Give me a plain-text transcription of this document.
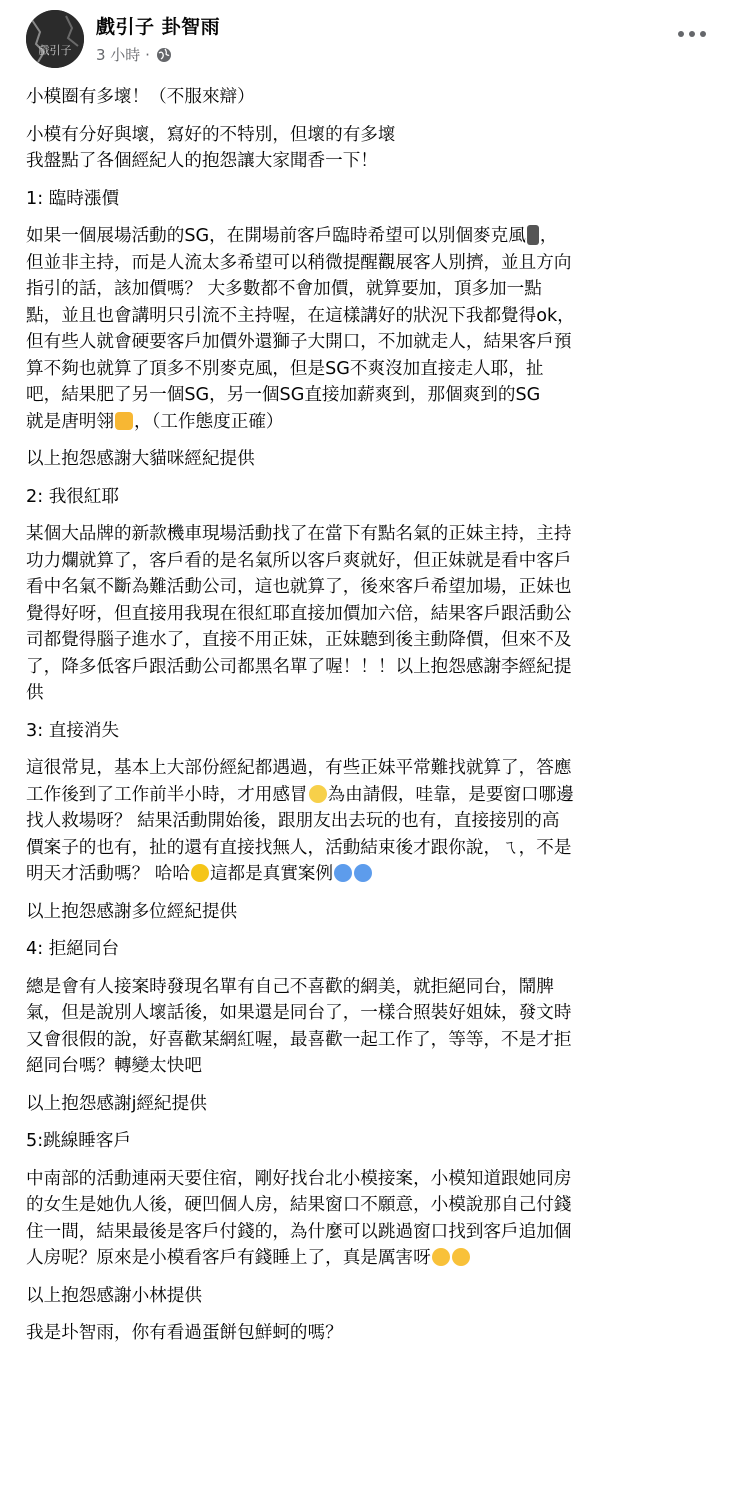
戲引子
戲引子 卦智雨
3 小時 ·

小模圈有多壞！（不服來辯）

小模有分好與壞，寫好的不特別，但壞的有多壞
我盤點了各個經紀人的抱怨讓大家聞香一下！

1: 臨時漲價

如果一個展場活動的SG，在開場前客戶臨時希望可以別個麥克風 ，
但並非主持，而是人流太多希望可以稍微提醒觀展客人別擠，並且方向
指引的話，該加價嗎？ 大多數都不會加價，就算要加，頂多加一點
點，並且也會講明只引流不主持喔，在這樣講好的狀況下我都覺得ok，
但有些人就會硬要客戶加價外還獅子大開口，不加就走人，結果客戶預
算不夠也就算了頂多不別麥克風，但是SG不爽沒加直接走人耶，扯
吧，結果肥了另一個SG，另一個SG直接加薪爽到，那個爽到的SG
就是唐明翎 ，（工作態度正確）

以上抱怨感謝大貓咪經紀提供

2: 我很紅耶

某個大品牌的新款機車現場活動找了在當下有點名氣的正妹主持，主持
功力爛就算了，客戶看的是名氣所以客戶爽就好，但正妹就是看中客戶
看中名氣不斷為難活動公司，這也就算了，後來客戶希望加場，正妹也
覺得好呀，但直接用我現在很紅耶直接加價加六倍，結果客戶跟活動公
司都覺得腦子進水了，直接不用正妹，正妹聽到後主動降價，但來不及
了，降多低客戶跟活動公司都黑名單了喔！！！以上抱怨感謝李經紀提
供

3: 直接消失

這很常見，基本上大部份經紀都遇過，有些正妹平常難找就算了，答應
工作後到了工作前半小時，才用感冒 為由請假，哇靠，是要窗口哪邊
找人救場呀？ 結果活動開始後，跟朋友出去玩的也有，直接接別的高
價案子的也有，扯的還有直接找無人，活動結束後才跟你說，ㄟ，不是
明天才活動嗎？ 哈哈 這都是真實案例

以上抱怨感謝多位經紀提供

4: 拒絕同台

總是會有人接案時發現名單有自己不喜歡的網美，就拒絕同台，鬧脾
氣，但是說別人壞話後，如果還是同台了，一樣合照裝好姐妹，發文時
又會很假的說，好喜歡某網紅喔，最喜歡一起工作了，等等，不是才拒
絕同台嗎？轉變太快吧

以上抱怨感謝j經紀提供

5:跳線睡客戶

中南部的活動連兩天要住宿，剛好找台北小模接案，小模知道跟她同房
的女生是她仇人後，硬凹個人房，結果窗口不願意，小模說那自己付錢
住一間，結果最後是客戶付錢的，為什麼可以跳過窗口找到客戶追加個
人房呢？原來是小模看客戶有錢睡上了，真是厲害呀

以上抱怨感謝小林提供

我是圤智雨，你有看過蛋餅包鮮蚵的嗎？
